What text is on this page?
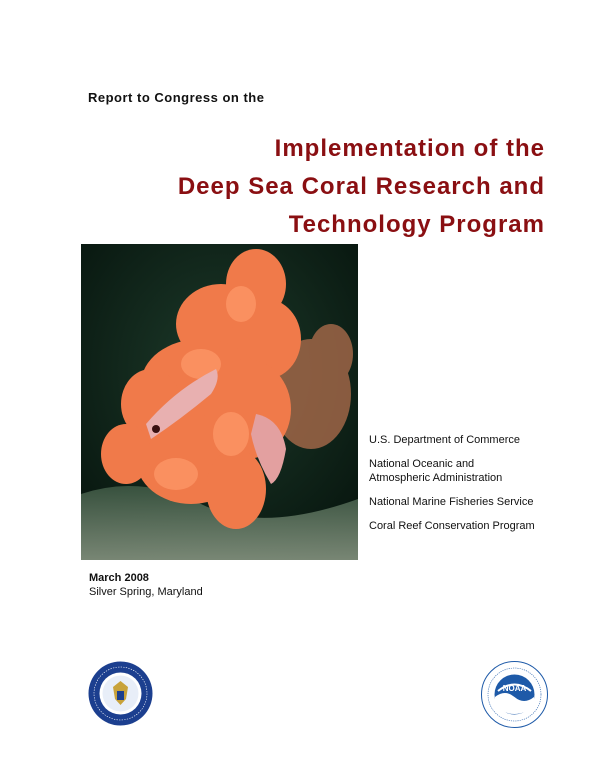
Report to Congress on the
Implementation of the
Deep Sea Coral Research and
Technology Program
U.S. Department of Commerce
National Oceanic and Atmospheric Administration
National Marine Fisheries Service
Coral Reef Conservation Program
March 2008
Silver Spring, Maryland
NOAA
